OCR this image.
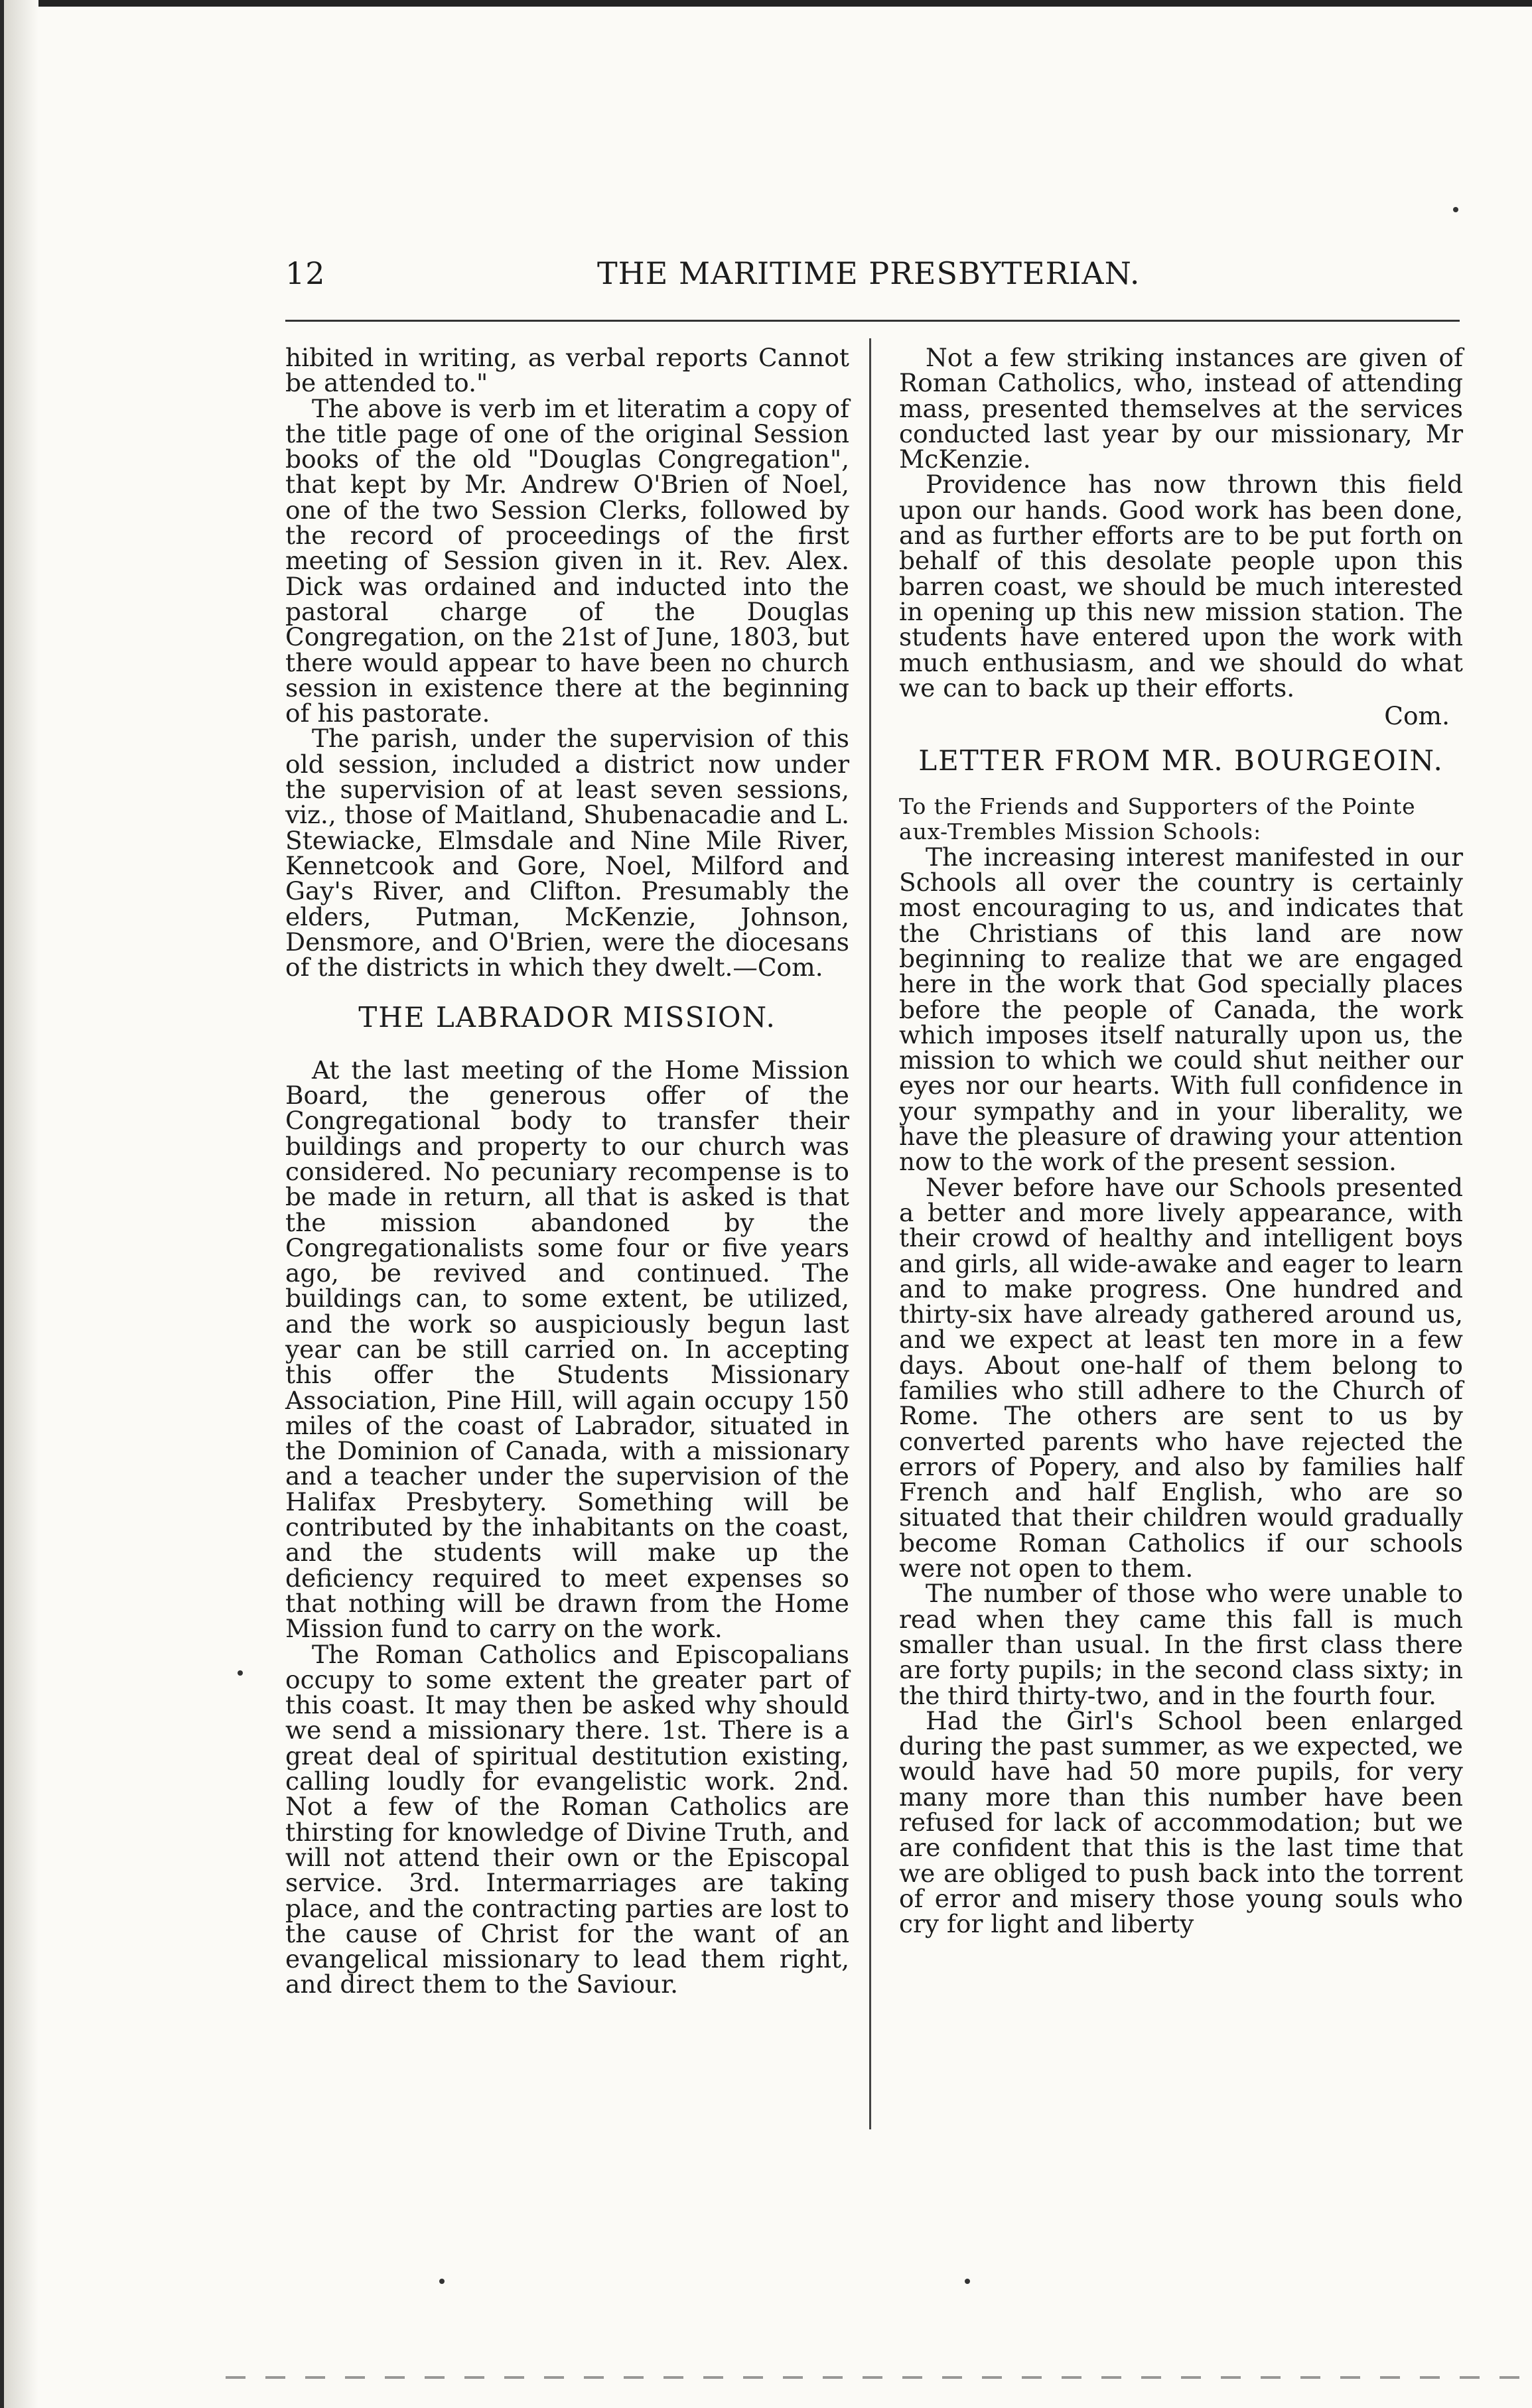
12	THE MARITIME PRESBYTERIAN.

hibited in writing, as verbal reports Cannot be attended to."

The above is verb im et literatim a copy of the title page of one of the original Session books of the old "Douglas Congregation", that kept by Mr. Andrew O'Brien of Noel, one of the two Session Clerks, followed by the record of proceedings of the first meeting of Session given in it. Rev. Alex. Dick was ordained and inducted into the pastoral charge of the Douglas Congregation, on the 21st of June, 1803, but there would appear to have been no church session in existence there at the beginning of his pastorate.

The parish, under the supervision of this old session, included a district now under the supervision of at least seven sessions, viz., those of Maitland, Shubenacadie and L. Stewiacke, Elmsdale and Nine Mile River, Kennetcook and Gore, Noel, Milford and Gay's River, and Clifton. Presumably the elders, Putman, McKenzie, Johnson, Densmore, and O'Brien, were the diocesans of the districts in which they dwelt.—Com.

THE LABRADOR MISSION.

At the last meeting of the Home Mission Board, the generous offer of the Congregational body to transfer their buildings and property to our church was considered. No pecuniary recompense is to be made in return, all that is asked is that the mission abandoned by the Congregationalists some four or five years ago, be revived and continued. The buildings can, to some extent, be utilized, and the work so auspiciously begun last year can be still carried on. In accepting this offer the Students Missionary Association, Pine Hill, will again occupy 150 miles of the coast of Labrador, situated in the Dominion of Canada, with a missionary and a teacher under the supervision of the Halifax Presbytery. Something will be contributed by the inhabitants on the coast, and the students will make up the deficiency required to meet expenses so that nothing will be drawn from the Home Mission fund to carry on the work.

The Roman Catholics and Episcopalians occupy to some extent the greater part of this coast. It may then be asked why should we send a missionary there. 1st. There is a great deal of spiritual destitution existing, calling loudly for evangelistic work. 2nd. Not a few of the Roman Catholics are thirsting for knowledge of Divine Truth, and will not attend their own or the Episcopal service. 3rd. Intermarriages are taking place, and the contracting parties are lost to the cause of Christ for the want of an evangelical missionary to lead them right, and direct them to the Saviour.

Not a few striking instances are given of Roman Catholics, who, instead of attending mass, presented themselves at the services conducted last year by our missionary, Mr McKenzie.

Providence has now thrown this field upon our hands. Good work has been done, and as further efforts are to be put forth on behalf of this desolate people upon this barren coast, we should be much interested in opening up this new mission station. The students have entered upon the work with much enthusiasm, and we should do what we can to back up their efforts.

Com.

LETTER FROM MR. BOURGEOIN.

To the Friends and Supporters of the Pointe aux-Trembles Mission Schools:

The increasing interest manifested in our Schools all over the country is certainly most encouraging to us, and indicates that the Christians of this land are now beginning to realize that we are engaged here in the work that God specially places before the people of Canada, the work which imposes itself naturally upon us, the mission to which we could shut neither our eyes nor our hearts. With full confidence in your sympathy and in your liberality, we have the pleasure of drawing your attention now to the work of the present session.

Never before have our Schools presented a better and more lively appearance, with their crowd of healthy and intelligent boys and girls, all wide-awake and eager to learn and to make progress. One hundred and thirty-six have already gathered around us, and we expect at least ten more in a few days. About one-half of them belong to families who still adhere to the Church of Rome. The others are sent to us by converted parents who have rejected the errors of Popery, and also by families half French and half English, who are so situated that their children would gradually become Roman Catholics if our schools were not open to them.

The number of those who were unable to read when they came this fall is much smaller than usual. In the first class there are forty pupils; in the second class sixty; in the third thirty-two, and in the fourth four.

Had the Girl's School been enlarged during the past summer, as we expected, we would have had 50 more pupils, for very many more than this number have been refused for lack of accommodation; but we are confident that this is the last time that we are obliged to push back into the torrent of error and misery those young souls who cry for light and liberty
